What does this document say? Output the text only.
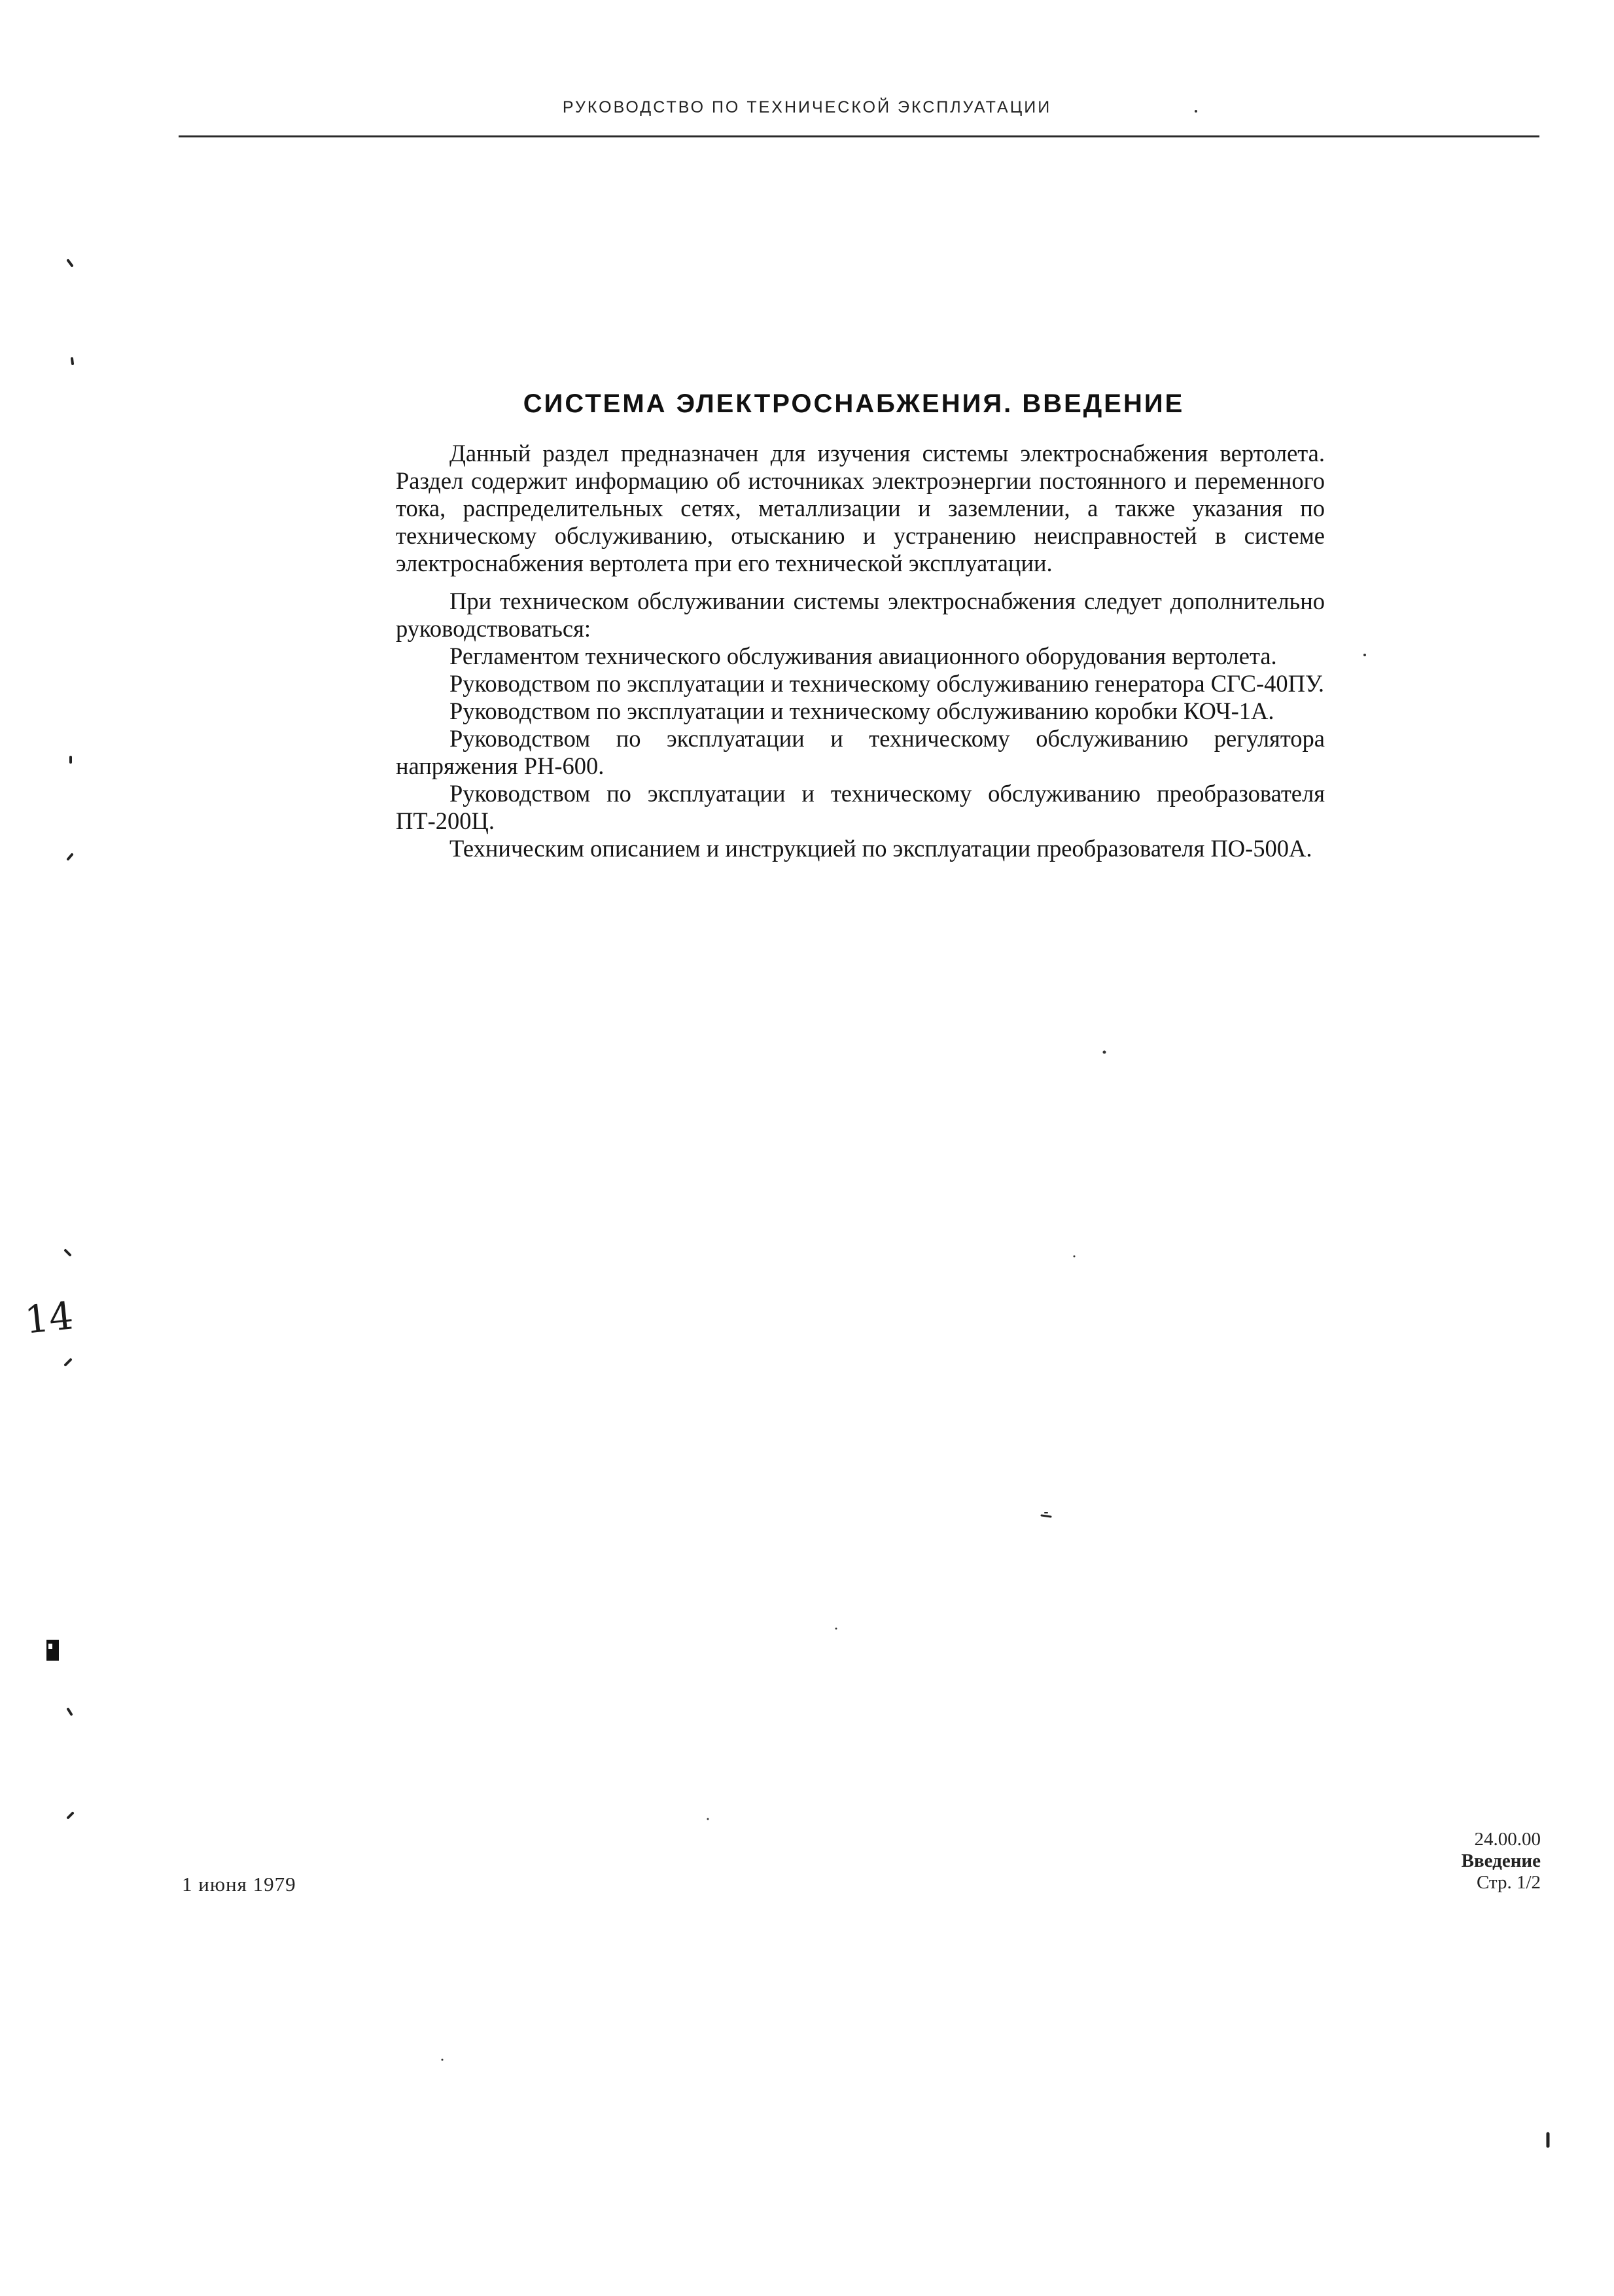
РУКОВОДСТВО ПО ТЕХНИЧЕСКОЙ ЭКСПЛУАТАЦИИ
СИСТЕМА ЭЛЕКТРОСНАБЖЕНИЯ. ВВЕДЕНИЕ

Данный раздел предназначен для изучения системы электроснабжения вертолета. Раздел содержит информацию об источниках электроэнергии постоянного и переменного тока, распределительных сетях, металлизации и заземлении, а также указания по техническому обслуживанию, отысканию и устранению неисправностей в системе электроснабжения вертолета при его технической эксплуатации.

При техническом обслуживании системы электроснабжения следует дополнительно руководствоваться:

Регламентом технического обслуживания авиационного оборудования вертолета.

Руководством по эксплуатации и техническому обслуживанию генератора СГС-40ПУ.

Руководством по эксплуатации и техническому обслуживанию коробки КОЧ-1А.

Руководством по эксплуатации и техническому обслуживанию регулятора напряжения РН-600.

Руководством по эксплуатации и техническому обслуживанию преобразователя ПТ-200Ц.

Техническим описанием и инструкцией по эксплуатации преобразователя ПО-500А.

1 июня 1979
24.00.00
Введение
Стр. 1/2
14
